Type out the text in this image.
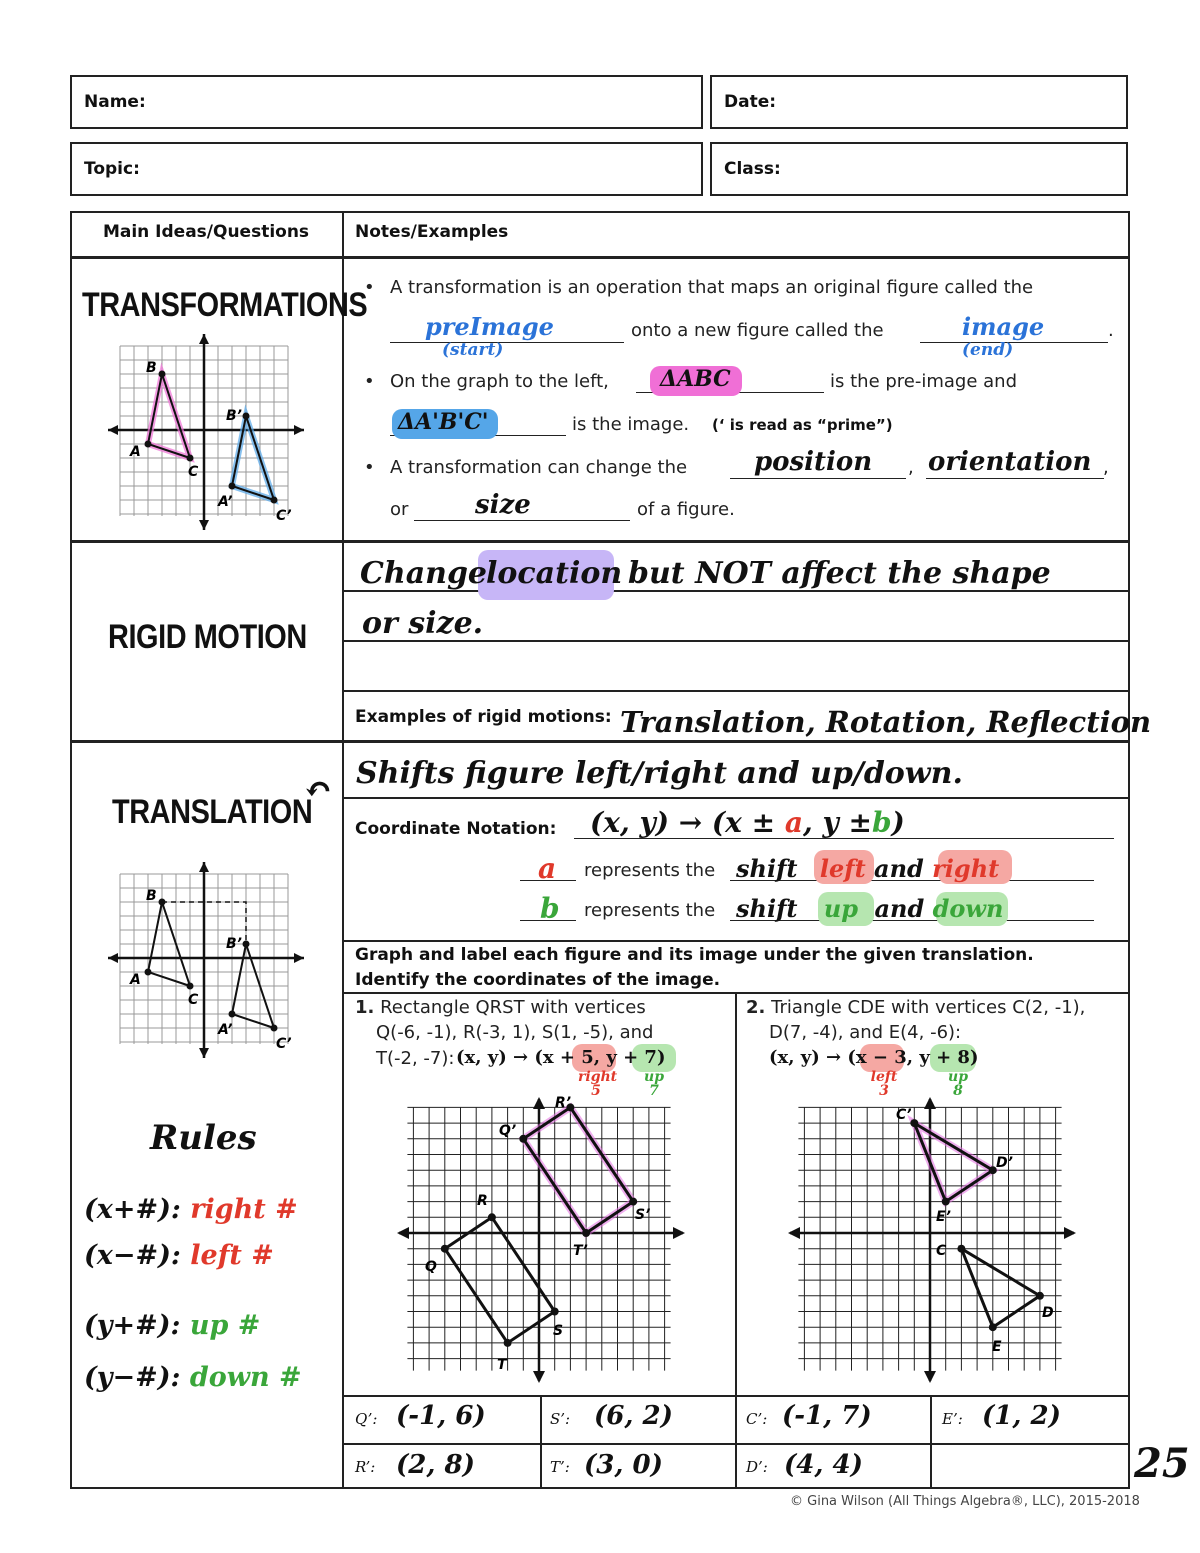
Name:	Date:
Topic:	Class:
Main Ideas/Questions	Notes/Examples
TRANSFORMATIONS
B
A
C
B’
A’
C’
• A transformation is an operation that maps an original figure called the
preImage
(start)
onto a new figure called the	image
(end)
.
• On the graph to the left, ΔABC	is the pre-image and
ΔA'B'C'	is the image. (‘ is read as “prime”)
• A transformation can change the	position , orientation ,
or	size	of a figure.
RIGID MOTION
Change
location but NOT affect the shape
or size.
Examples of rigid motions: Translation, Rotation, Reflection
TRANSLATION
↶ Shifts figure left/right and up/down.
Coordinate Notation: (x, y) → (x ± a, y ±b)
a represents the shift left and right
b represents the shift up and down
B
A
C
B’
A’
C’
Rules
(x+#): right #
(x−#): left #
(y+#): up #
(y−#): down #
Graph and label each figure and its image under the given translation.
Identify the coordinates of the image.
1. Rectangle QRST with vertices
Q(-6, -1), R(-3, 1), S(1, -5), and
T(-2, -7): (x, y) → (x + 5, y + 7)
right
5
up
7
2. Triangle CDE with vertices C(2, -1),
D(7, -4), and E(4, -6):
(x, y) → (x − 3, y + 8)
left
3
up
8
Q
R
S
T
Q’
R’
S’
T’	C
D
E
C’
D’
E’
Q’: (-1, 6)	S’: (6, 2)	C’: (-1, 7)	E’: (1, 2)
R’: (2, 8)	T’: (3, 0)	D’: (4, 4)	25
© Gina Wilson (All Things Algebra®, LLC), 2015-2018
